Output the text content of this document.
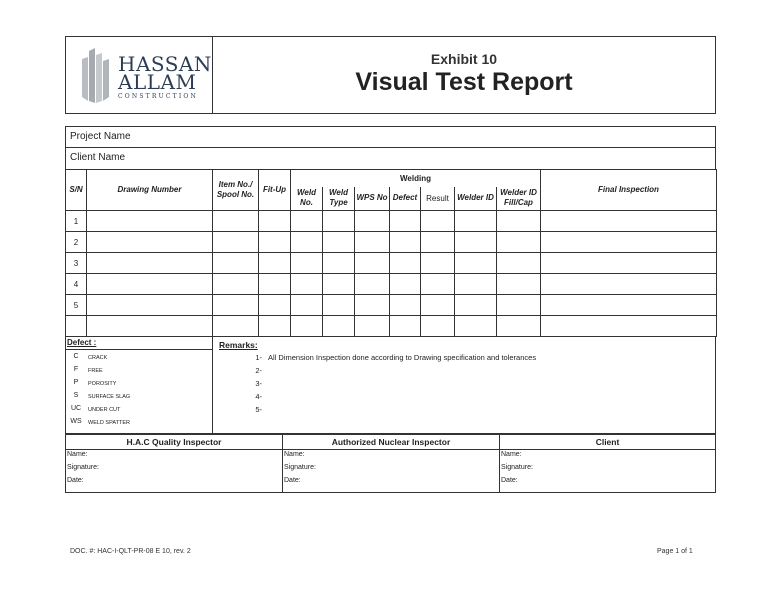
HASSAN
ALLAM
CONSTRUCTION
Exhibit 10
Visual Test Report
Project Name
Client Name
S/N	Drawing Number	Item No./ Spool No.	Fit-Up	Welding							Final Inspection
				Weld No.	Weld Type	WPS No	Defect	Result	Welder ID	Welder ID Fill/Cap	
1											
2											
3											
4											
5											

Defect :
C	CRACK
F	FREE
P	POROSITY
S	SURFACE SLAG
UC	UNDER CUT
WS	WELD SPATTER
Remarks:
1- All Dimension Inspection done according to Drawing specification and tolerances
2-
3-
4-
5-
H.A.C Quality Inspector
Name:
Signature:
Date:
Authorized Nuclear Inspector
Name:
Signature:
Date:
Client
Name:
Signature:
Date:
DOC. #: HAC-I-QLT-PR-08 E 10, rev. 2	Page 1 of 1
